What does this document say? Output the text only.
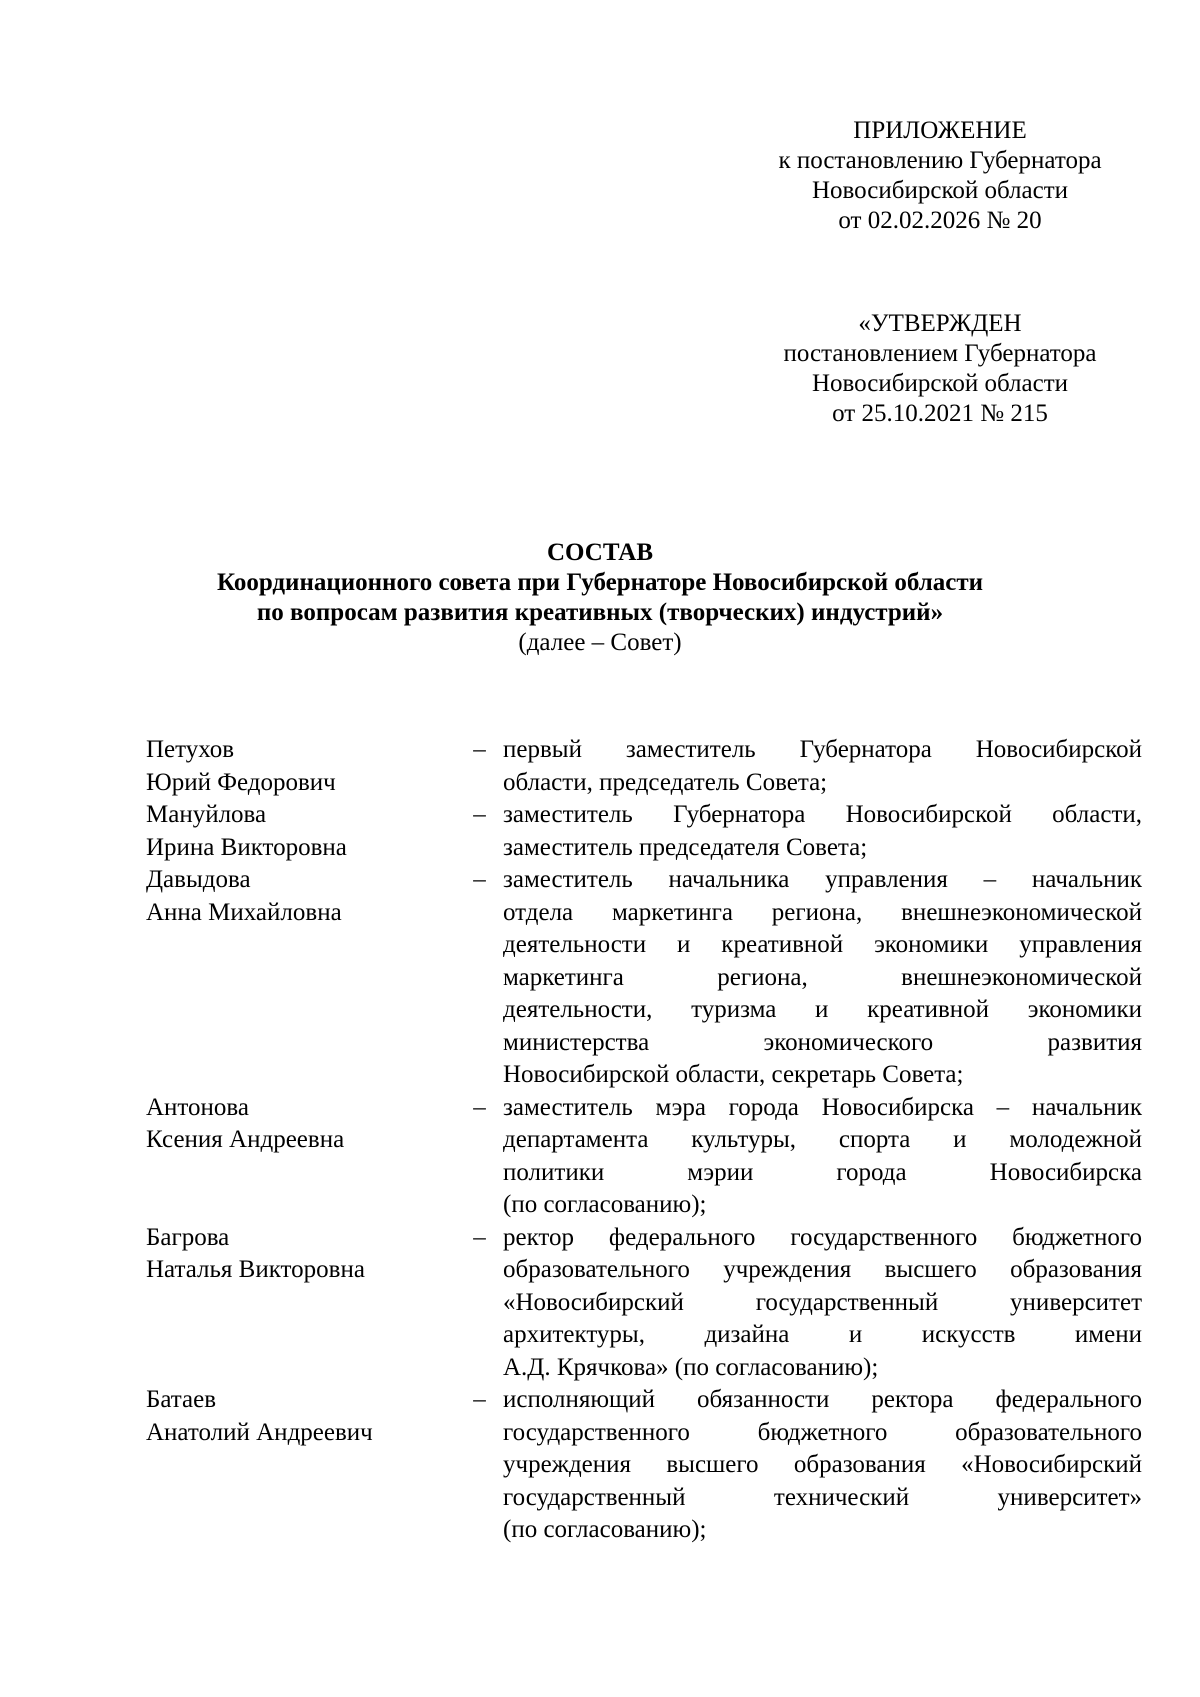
ПРИЛОЖЕНИЕ
к постановлению Губернатора
Новосибирской области
от 02.02.2026 № 20
«УТВЕРЖДЕН
постановлением Губернатора
Новосибирской области
от 25.10.2021 № 215
СОСТАВ
Координационного совета при Губернаторе Новосибирской области
по вопросам развития креативных (творческих) индустрий»
(далее – Совет)
Петухов
Юрий Федорович
– первый заместитель Губернатора Новосибирской
области, председатель Совета;
Мануйлова
Ирина Викторовна
– заместитель Губернатора Новосибирской области,
заместитель председателя Совета;
Давыдова
Анна Михайловна
– заместитель начальника управления – начальник
отдела маркетинга региона, внешнеэкономической
деятельности и креативной экономики управления
маркетинга региона, внешнеэкономической
деятельности, туризма и креативной экономики
министерства экономического развития
Новосибирской области, секретарь Совета;
Антонова
Ксения Андреевна
– заместитель мэра города Новосибирска – начальник
департамента культуры, спорта и молодежной
политики мэрии города Новосибирска
(по согласованию);
Багрова
Наталья Викторовна
– ректор федерального государственного бюджетного
образовательного учреждения высшего образования
«Новосибирский государственный университет
архитектуры, дизайна и искусств имени
А.Д. Крячкова» (по согласованию);
Батаев
Анатолий Андреевич
– исполняющий обязанности ректора федерального
государственного бюджетного образовательного
учреждения высшего образования «Новосибирский
государственный технический университет»
(по согласованию);
